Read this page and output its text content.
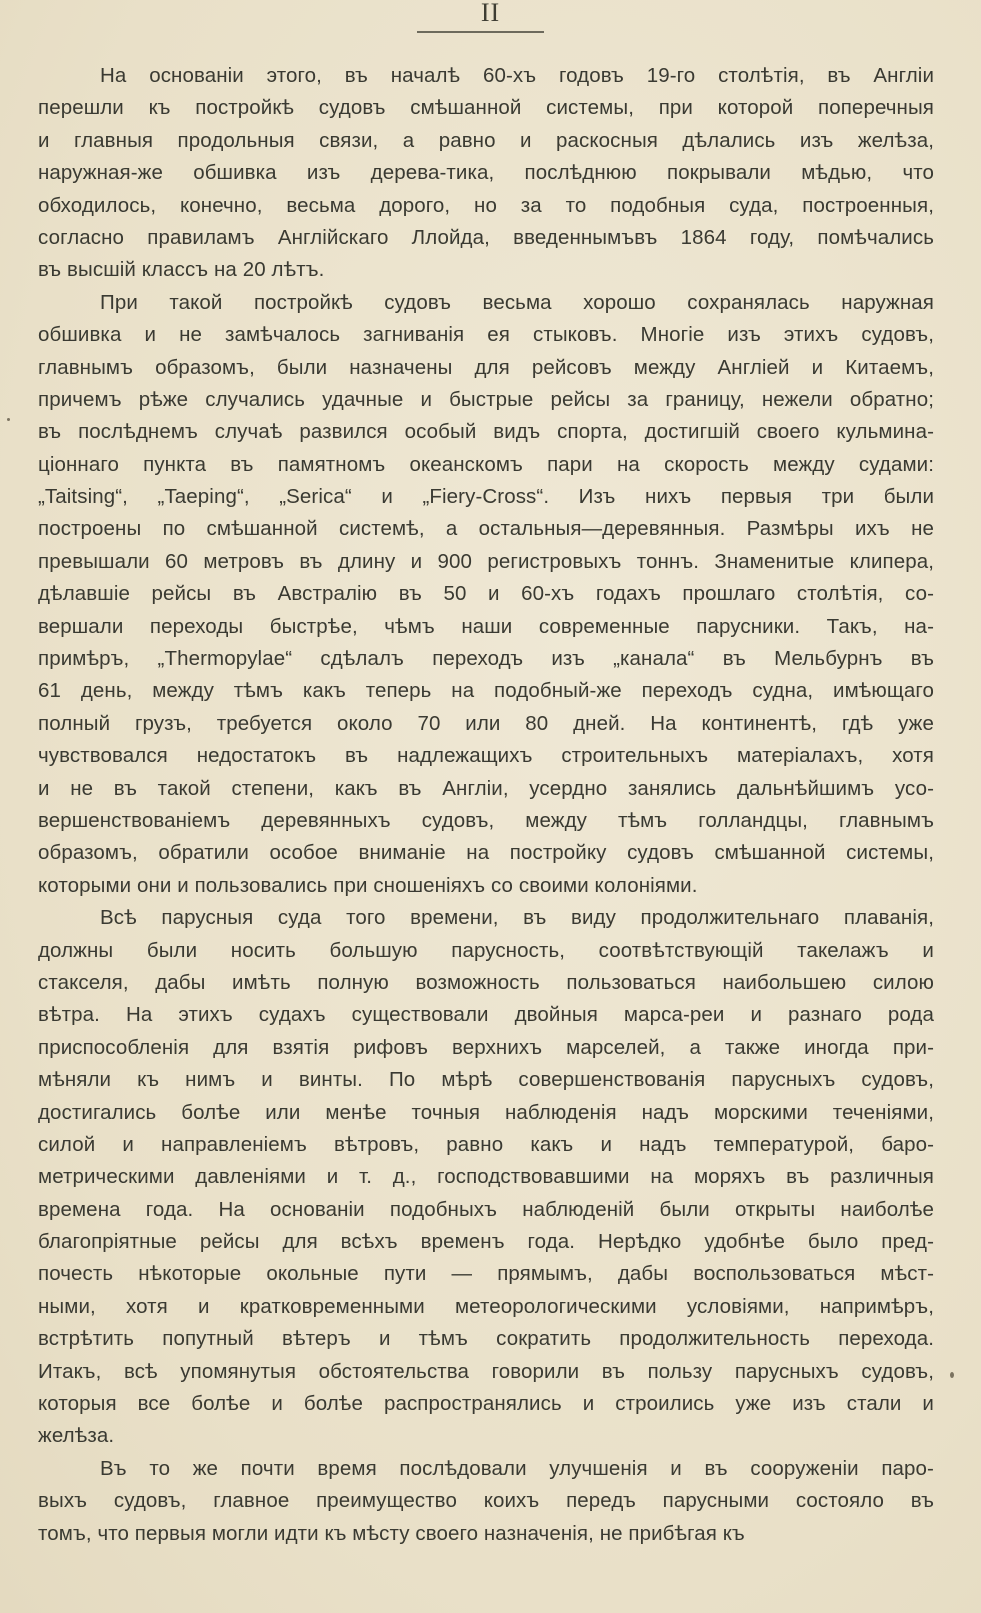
II
На основанiи этого, въ началѣ 60-хъ годовъ 19-го столѣтiя, въ Англiи
перешли къ постройкѣ судовъ смѣшанной системы, при которой поперечныя
и главныя продольныя связи, а равно и раскосныя дѣлались изъ желѣза,
наружная-же обшивка изъ дерева-тика, послѣднюю покрывали мѣдью, что
обходилось, конечно, весьма дорого, но за то подобныя суда, построенныя,
согласно правиламъ Англiйскаго Ллойда, введеннымъвъ 1864 году, помѣчались
въ высшiй классъ на 20 лѣтъ.
При такой постройкѣ судовъ весьма хорошо сохранялась наружная
обшивка и не замѣчалось загниванiя ея стыковъ. Многiе изъ этихъ судовъ,
главнымъ образомъ, были назначены для рейсовъ между Англiей и Китаемъ,
причемъ рѣже случались удачные и быстрые рейсы за границу, нежели обратно;
въ послѣднемъ случаѣ развился особый видъ спорта, достигшiй своего кульмина-
цiоннаго пункта въ памятномъ океанскомъ пари на скорость между судами:
„Taitsing“, „Taeping“, „Serica“ и „Fiery-Cross“. Изъ нихъ первыя три были
построены по смѣшанной системѣ, а остальныя—деревянныя. Размѣры ихъ не
превышали 60 метровъ въ длину и 900 регистровыхъ тоннъ. Знаменитые клипера,
дѣлавшiе рейсы въ Австралiю въ 50 и 60-хъ годахъ прошлаго столѣтiя, со-
вершали переходы быстрѣе, чѣмъ наши современные парусники. Такъ, на-
примѣръ, „Thermopylae“ сдѣлалъ переходъ изъ „канала“ въ Мельбурнъ въ
61 день, между тѣмъ какъ теперь на подобный-же переходъ судна, имѣющаго
полный грузъ, требуется около 70 или 80 дней. На континентѣ, гдѣ уже
чувствовался недостатокъ въ надлежащихъ строительныхъ матерiалахъ, хотя
и не въ такой степени, какъ въ Англiи, усердно занялись дальнѣйшимъ усо-
вершенствованiемъ деревянныхъ судовъ, между тѣмъ голландцы, главнымъ
образомъ, обратили особое вниманiе на постройку судовъ смѣшанной системы,
которыми они и пользовались при сношенiяхъ со своими колонiями.
Всѣ парусныя суда того времени, въ виду продолжительнаго плаванiя,
должны были носить большую парусность, соотвѣтствующiй такелажъ и
стакселя, дабы имѣть полную возможность пользоваться наибольшею силою
вѣтра. На этихъ судахъ существовали двойныя марса-реи и разнаго рода
приспособленiя для взятiя рифовъ верхнихъ марселей, а также иногда при-
мѣняли къ нимъ и винты. По мѣрѣ совершенствованiя парусныхъ судовъ,
достигались болѣе или менѣе точныя наблюденiя надъ морскими теченiями,
силой и направленiемъ вѣтровъ, равно какъ и надъ температурой, баро-
метрическими давленiями и т. д., господствовавшими на моряхъ въ различныя
времена года. На основанiи подобныхъ наблюденiй были открыты наиболѣе
благопрiятные рейсы для всѣхъ временъ года. Нерѣдко удобнѣе было пред-
почесть нѣкоторые окольные пути — прямымъ, дабы воспользоваться мѣст-
ными, хотя и кратковременными метеорологическими условiями, напримѣръ,
встрѣтить попутный вѣтеръ и тѣмъ сократить продолжительность перехода.
Итакъ, всѣ упомянутыя обстоятельства говорили въ пользу парусныхъ судовъ,
которыя все болѣе и болѣе распространялись и строились уже изъ стали и
желѣза.
Въ то же почти время послѣдовали улучшенiя и въ сооруженiи паро-
выхъ судовъ, главное преимущество коихъ передъ парусными состояло въ
томъ, что первыя могли идти къ мѣсту своего назначенiя, не прибѣгая къ
